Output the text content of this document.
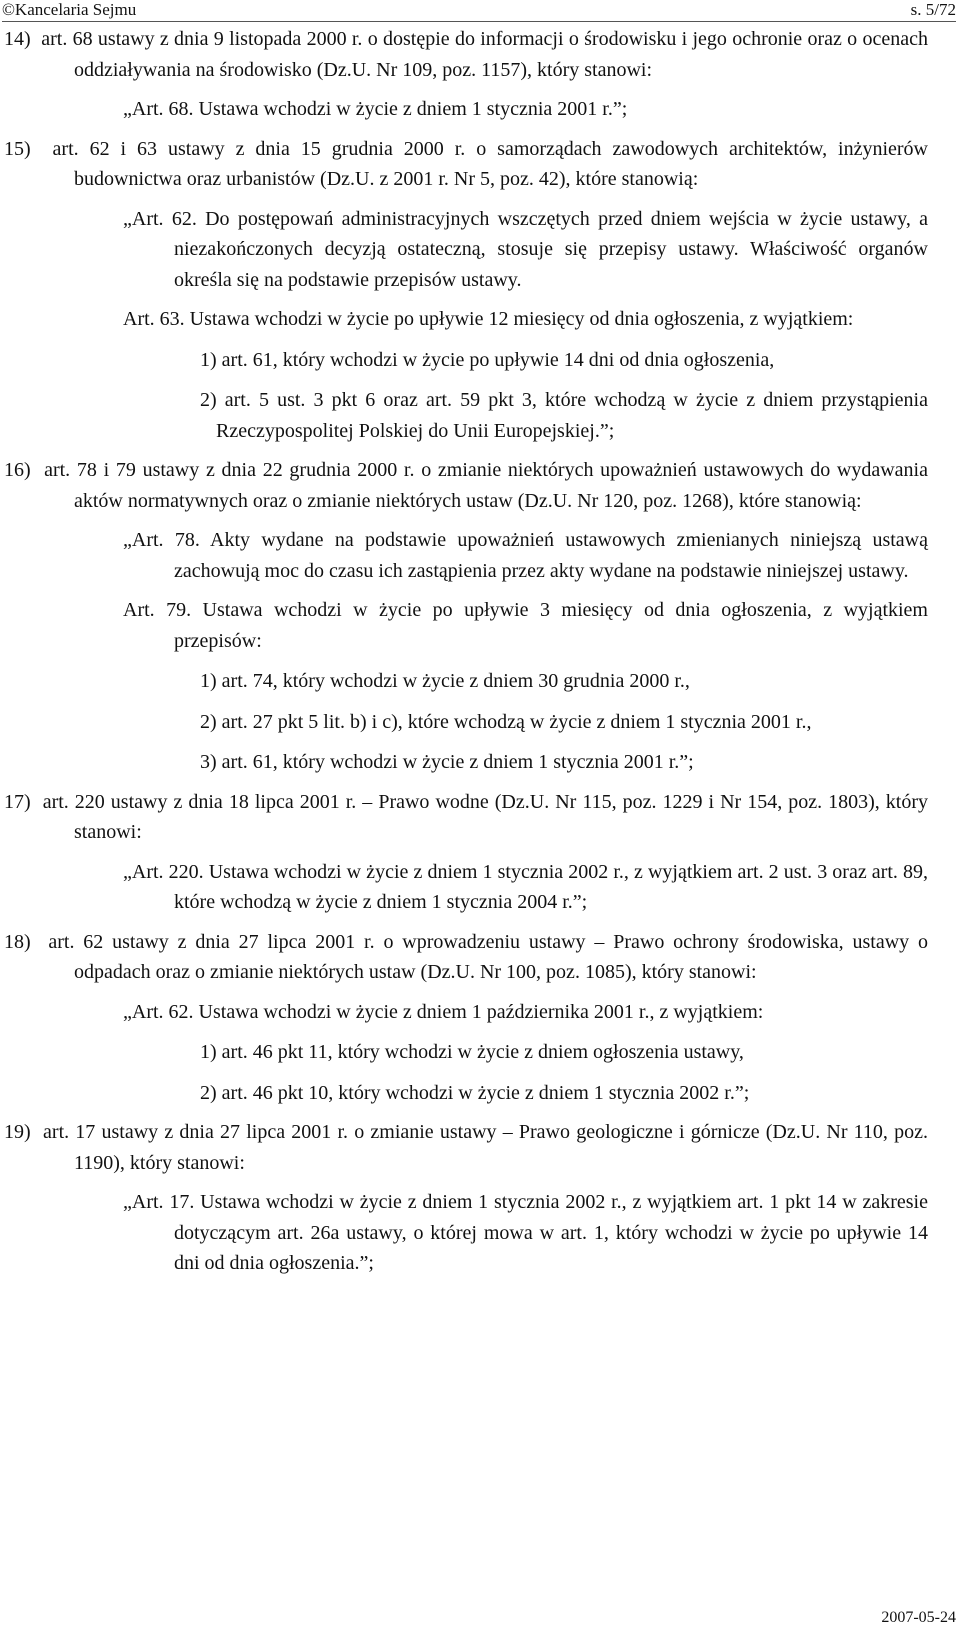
©Kancelaria Sejmu	s. 5/72
14)  art. 68 ustawy z dnia 9 listopada 2000 r. o dostępie do informacji o środowisku i jego ochronie oraz o ocenach oddziaływania na środowisko (Dz.U. Nr 109, poz. 1157), który stanowi:
„Art. 68. Ustawa wchodzi w życie z dniem 1 stycznia 2001 r.”;
15)  art. 62 i 63 ustawy z dnia 15 grudnia 2000 r. o samorządach zawodowych architektów, inżynierów budownictwa oraz urbanistów (Dz.U. z 2001 r. Nr 5, poz. 42), które stanowią:
„Art. 62. Do postępowań administracyjnych wszczętych przed dniem wejścia w życie ustawy, a niezakończonych decyzją ostateczną, stosuje się przepisy ustawy. Właściwość organów określa się na podstawie przepisów ustawy.
Art. 63. Ustawa wchodzi w życie po upływie 12 miesięcy od dnia ogłoszenia, z wyjątkiem:
1) art. 61, który wchodzi w życie po upływie 14 dni od dnia ogłoszenia,
2) art. 5 ust. 3 pkt 6 oraz art. 59 pkt 3, które wchodzą w życie z dniem przystąpienia Rzeczypospolitej Polskiej do Unii Europejskiej.”;
16)  art. 78 i 79 ustawy z dnia 22 grudnia 2000 r. o zmianie niektórych upoważnień ustawowych do wydawania aktów normatywnych oraz o zmianie niektórych ustaw (Dz.U. Nr 120, poz. 1268), które stanowią:
„Art. 78. Akty wydane na podstawie upoważnień ustawowych zmienianych niniejszą ustawą zachowują moc do czasu ich zastąpienia przez akty wydane na podstawie niniejszej ustawy.
Art. 79. Ustawa wchodzi w życie po upływie 3 miesięcy od dnia ogłoszenia, z wyjątkiem przepisów:
1) art. 74, który wchodzi w życie z dniem 30 grudnia 2000 r.,
2) art. 27 pkt 5 lit. b) i c), które wchodzą w życie z dniem 1 stycznia 2001 r.,
3) art. 61, który wchodzi w życie z dniem 1 stycznia 2001 r.”;
17)  art. 220 ustawy z dnia 18 lipca 2001 r. – Prawo wodne (Dz.U. Nr 115, poz. 1229 i Nr 154, poz. 1803), który stanowi:
„Art. 220. Ustawa wchodzi w życie z dniem 1 stycznia 2002 r., z wyjątkiem art. 2 ust. 3 oraz art. 89, które wchodzą w życie z dniem 1 stycznia 2004 r.”;
18)  art. 62 ustawy z dnia 27 lipca 2001 r. o wprowadzeniu ustawy – Prawo ochrony środowiska, ustawy o odpadach oraz o zmianie niektórych ustaw (Dz.U. Nr 100, poz. 1085), który stanowi:
„Art. 62. Ustawa wchodzi w życie z dniem 1 października 2001 r., z wyjątkiem:
1) art. 46 pkt 11, który wchodzi w życie z dniem ogłoszenia ustawy,
2) art. 46 pkt 10, który wchodzi w życie z dniem 1 stycznia 2002 r.”;
19)  art. 17 ustawy z dnia 27 lipca 2001 r. o zmianie ustawy – Prawo geologiczne i górnicze (Dz.U. Nr 110, poz. 1190), który stanowi:
„Art. 17. Ustawa wchodzi w życie z dniem 1 stycznia 2002 r., z wyjątkiem art. 1 pkt 14 w zakresie dotyczącym art. 26a ustawy, o której mowa w art. 1, który wchodzi w życie po upływie 14 dni od dnia ogłoszenia.”;
2007-05-24
